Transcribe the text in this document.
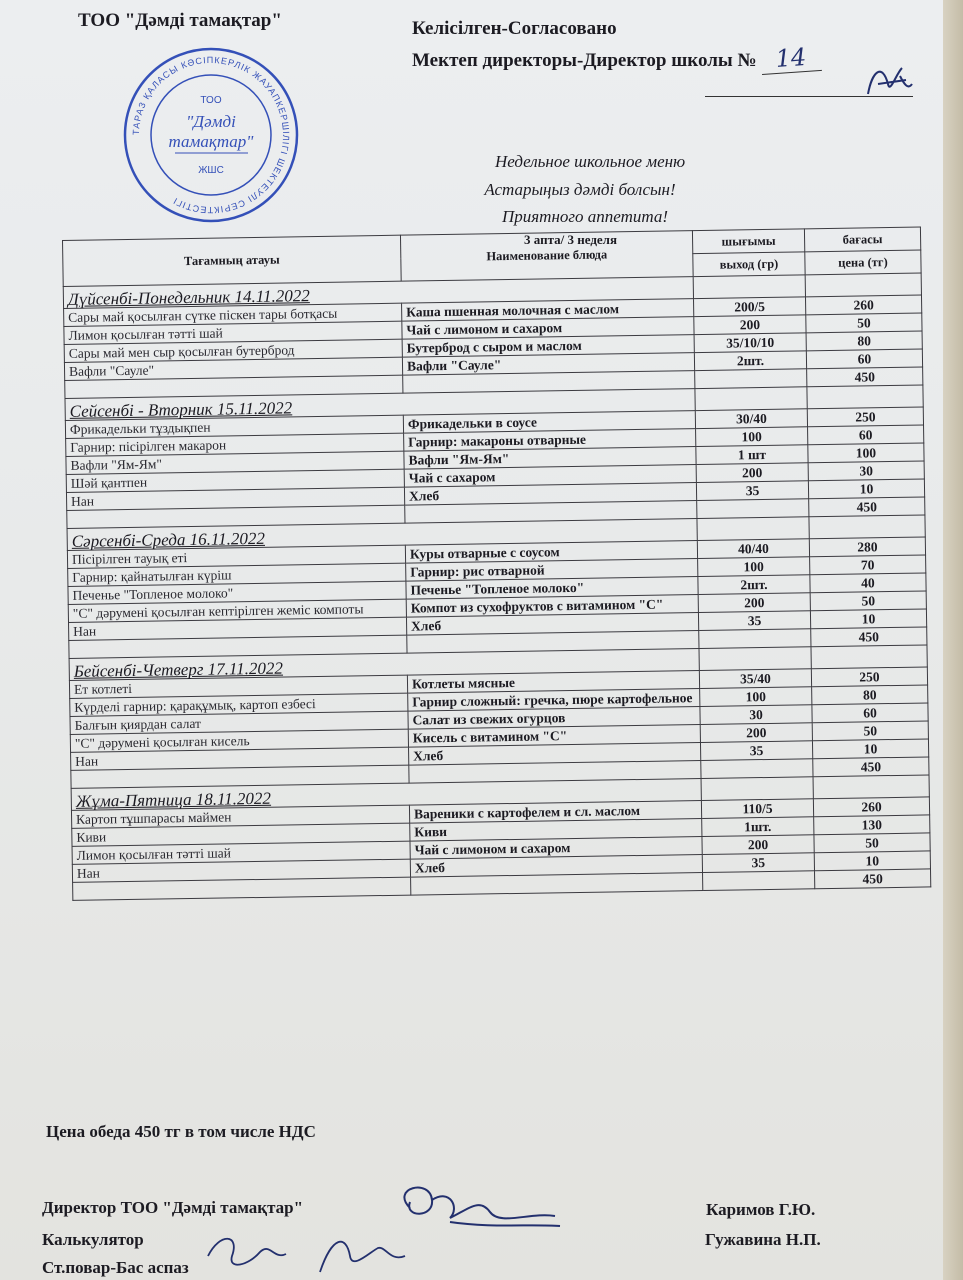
ТОО "Дәмді тамақтар"	Келісілген-Согласовано
Мектеп директоры-Директор школы № 14
ТАРАЗ ҚАЛАСЫ КӘСІПКЕРЛІК ЖАУАПКЕРШІЛІГІ ШЕКТЕУЛІ СЕРІКТЕСТІГІ
ТОО
"Дәмді
тамақтар"
ЖШС	Недельное школьное меню
Астарыңыз дәмді болсын!
Приятного аппетита!
3 апта/ 3 неделя
Тағамның атауы	Наименование блюда	шығымы	бағасы
		выход (гр)	цена (тг)
Дүйсенбі-Понедельник 14.11.2022			
Сары май қосылған сүтке піскен тары ботқасы	Каша пшенная молочная с маслом	200/5	260
Лимон қосылған тәтті шай	Чай с лимоном и сахаром	200	50
Сары май мен сыр қосылған бутерброд	Бутерброд с сыром и маслом	35/10/10	80
Вафли "Сауле"	Вафли "Сауле"	2шт.	60
			450
Сейсенбі - Вторник 15.11.2022			
Фрикадельки тұздықпен	Фрикадельки в соусе	30/40	250
Гарнир: пісірілген макарон	Гарнир: макароны отварные	100	60
Вафли "Ям-Ям"	Вафли "Ям-Ям"	1 шт	100
Шәй қантпен	Чай с сахаром	200	30
Нан	Хлеб	35	10
			450
Сәрсенбі-Среда 16.11.2022			
Пісірілген тауық еті	Куры отварные с соусом	40/40	280
Гарнир: қайнатылған күріш	Гарнир: рис отварной	100	70
Печенье "Топленое молоко"	Печенье "Топленое молоко"	2шт.	40
"С" дәрумені қосылған кептірілген жеміс компоты	Компот из сухофруктов с витамином "С"	200	50
Нан	Хлеб	35	10
			450
Бейсенбі-Четверг 17.11.2022			
Ет котлеті	Котлеты мясные	35/40	250
Күрделі гарнир: қарақұмық, картоп езбесі	Гарнир сложный: гречка, пюре картофельное	100	80
Балғын қиярдан салат	Салат из свежих огурцов	30	60
"С" дәрумені қосылған кисель	Кисель с витамином "С"	200	50
Нан	Хлеб	35	10
			450
Жұма-Пятница 18.11.2022			
Картоп тұшпарасы маймен	Вареники с картофелем и сл. маслом	110/5	260
Киви	Киви	1шт.	130
Лимон қосылған тәтті шай	Чай с лимоном и сахаром	200	50
Нан	Хлеб	35	10
			450
Цена обеда 450 тг в том числе НДС
Директор ТОО "Дәмді тамақтар"	Каримов Г.Ю.
Калькулятор	Гужавина Н.П.
Ст.повар-Бас аспаз
